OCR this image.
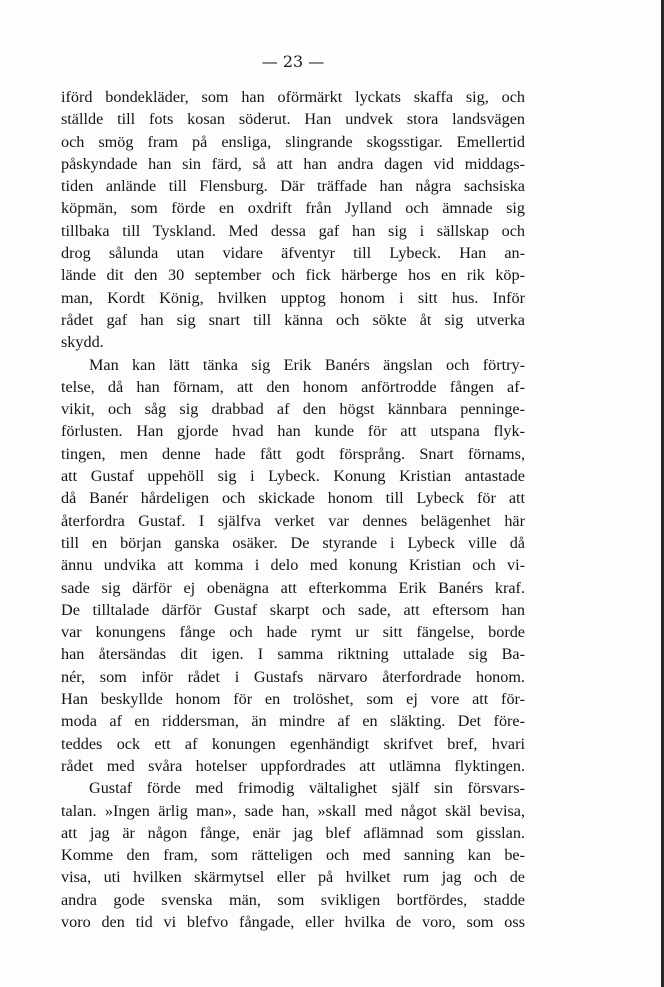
— 23 —

iförd bondekläder, som han oförmärkt lyckats skaffa sig, och
ställde till fots kosan söderut. Han undvek stora landsvägen
och smög fram på ensliga, slingrande skogsstigar. Emellertid
påskyndade han sin färd, så att han andra dagen vid middags-
tiden anlände till Flensburg. Där träffade han några sachsiska
köpmän, som förde en oxdrift från Jylland och ämnade sig
tillbaka till Tyskland. Med dessa gaf han sig i sällskap och
drog sålunda utan vidare äfventyr till Lybeck. Han an-
lände dit den 30 september och fick härberge hos en rik köp-
man, Kordt König, hvilken upptog honom i sitt hus. Inför
rådet gaf han sig snart till känna och sökte åt sig utverka
skydd.
Man kan lätt tänka sig Erik Banérs ängslan och förtry-
telse, då han förnam, att den honom anförtrodde fången af-
vikit, och såg sig drabbad af den högst kännbara penninge-
förlusten. Han gjorde hvad han kunde för att utspana flyk-
tingen, men denne hade fått godt försprång. Snart förnams,
att Gustaf uppehöll sig i Lybeck. Konung Kristian antastade
då Banér hårdeligen och skickade honom till Lybeck för att
återfordra Gustaf. I själfva verket var dennes belägenhet här
till en början ganska osäker. De styrande i Lybeck ville då
ännu undvika att komma i delo med konung Kristian och vi-
sade sig därför ej obenägna att efterkomma Erik Banérs kraf.
De tilltalade därför Gustaf skarpt och sade, att eftersom han
var konungens fånge och hade rymt ur sitt fängelse, borde
han återsändas dit igen. I samma riktning uttalade sig Ba-
nér, som inför rådet i Gustafs närvaro återfordrade honom.
Han beskyllde honom för en trolöshet, som ej vore att för-
moda af en riddersman, än mindre af en släkting. Det före-
teddes ock ett af konungen egenhändigt skrifvet bref, hvari
rådet med svåra hotelser uppfordrades att utlämna flyktingen.
Gustaf förde med frimodig vältalighet själf sin försvars-
talan. »Ingen ärlig man», sade han, »skall med något skäl bevisa,
att jag är någon fånge, enär jag blef aflämnad som gisslan.
Komme den fram, som rätteligen och med sanning kan be-
visa, uti hvilken skärmytsel eller på hvilket rum jag och de
andra gode svenska män, som svikligen bortfördes, stadde
voro den tid vi blefvo fångade, eller hvilka de voro, som oss
